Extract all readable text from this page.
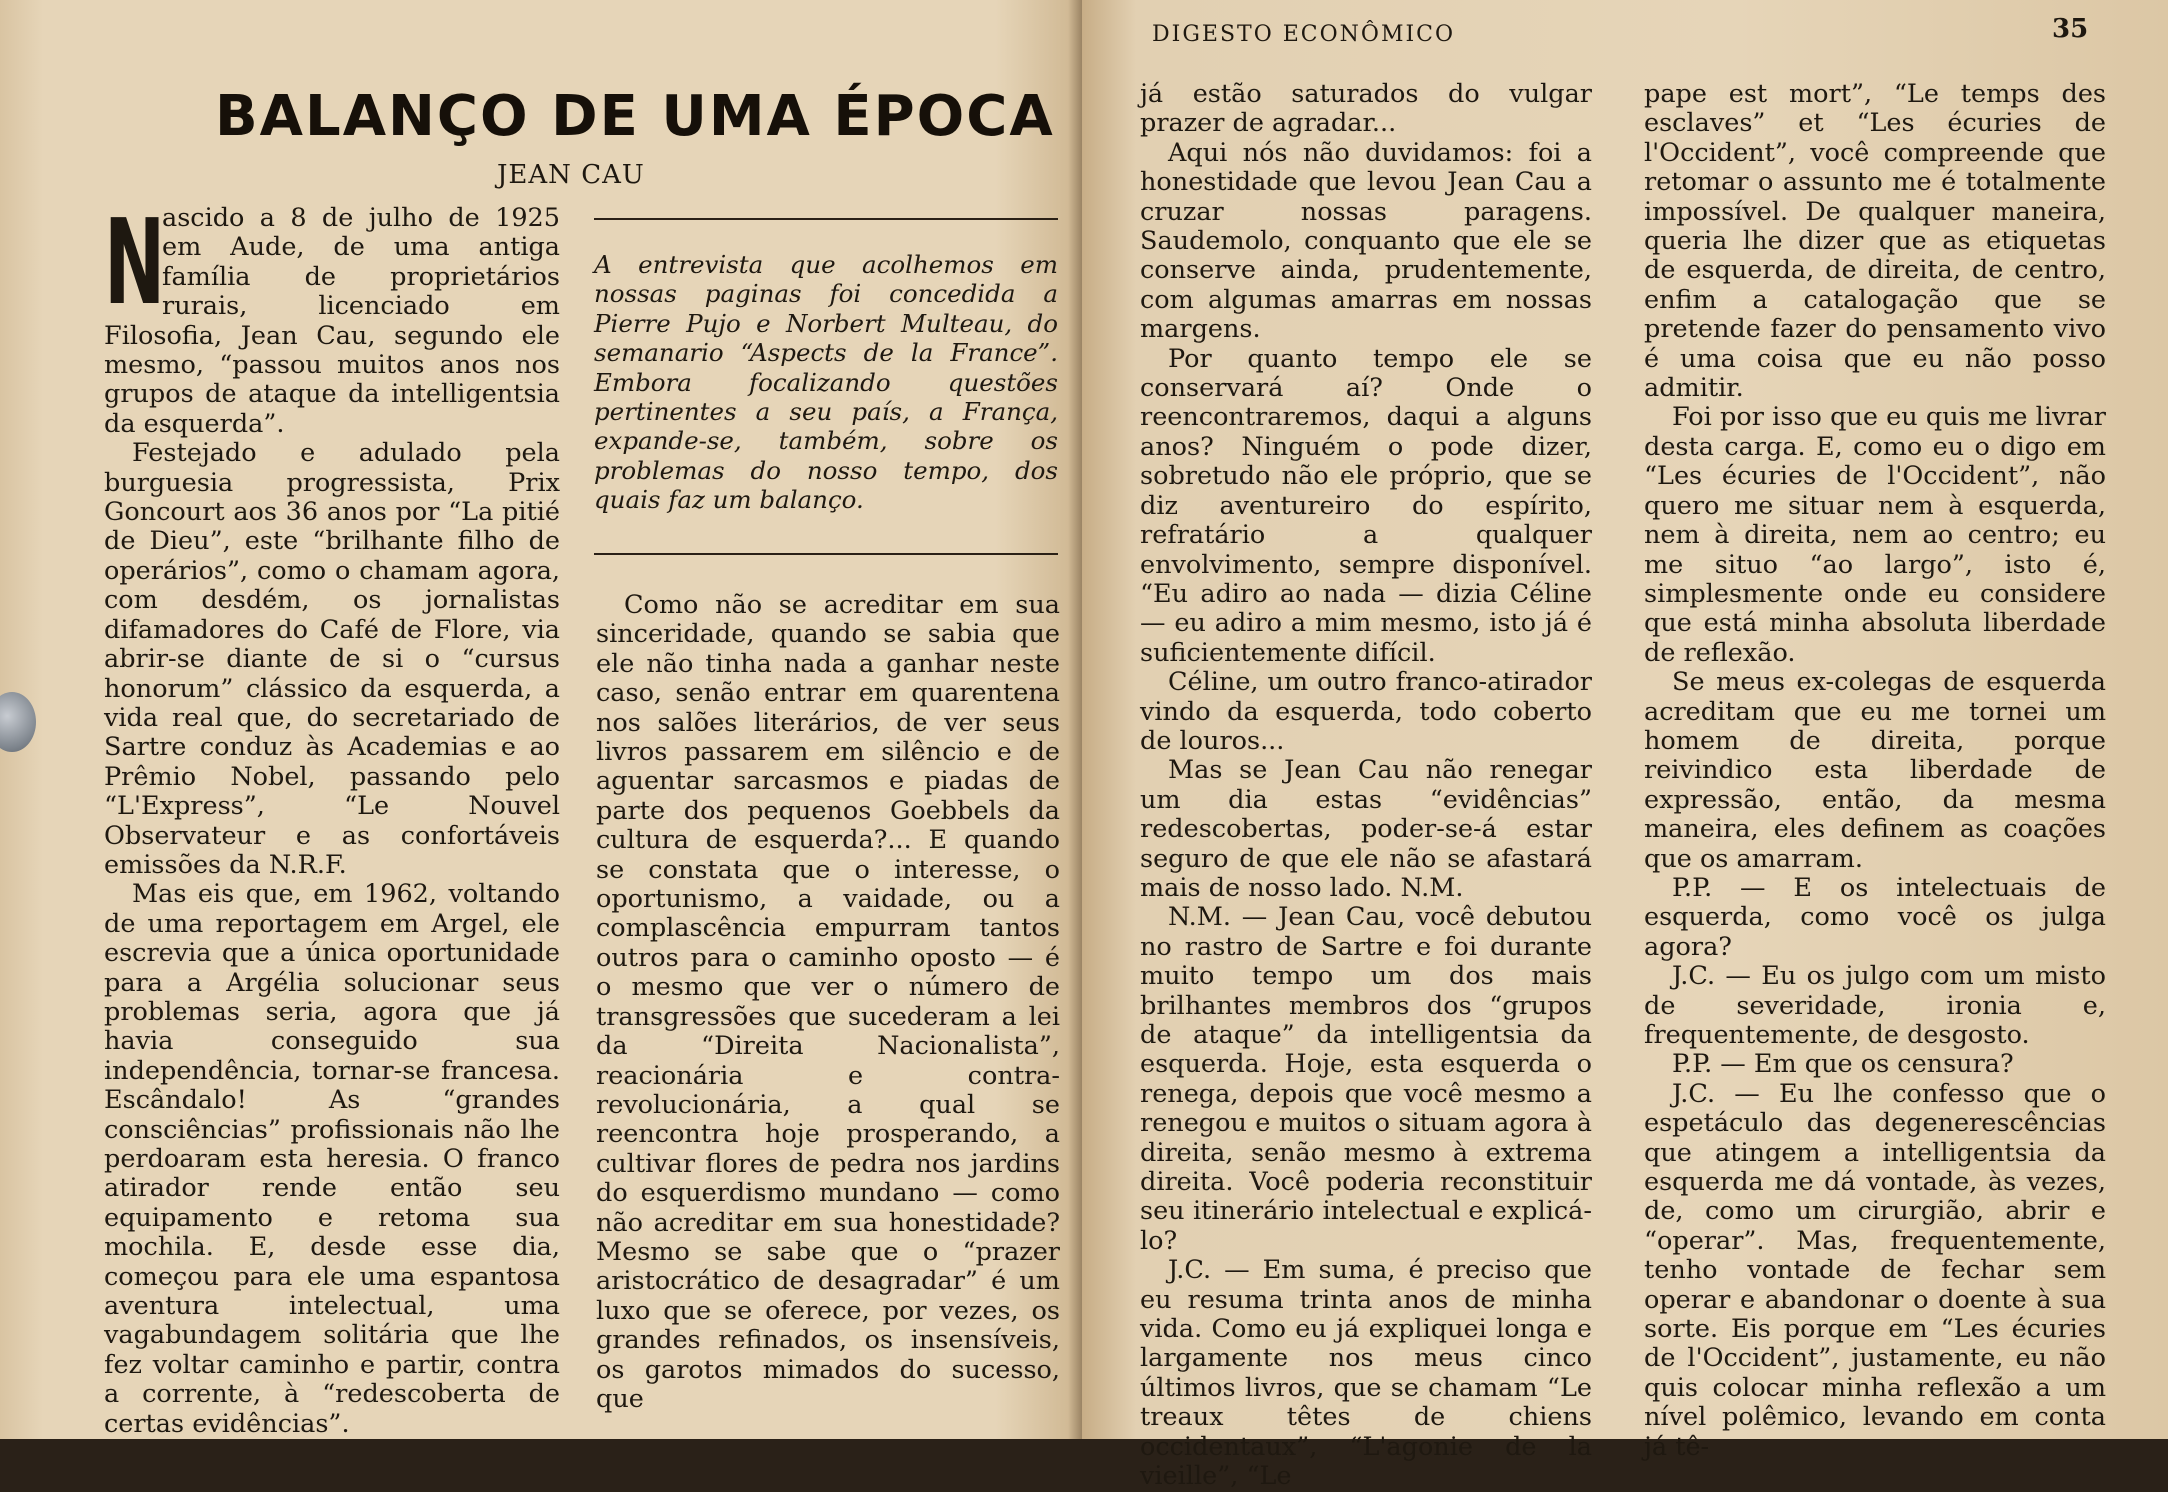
BALANÇO DE UMA ÉPOCA

JEAN CAU

N
ascido a 8 de julho de 1925 em Aude, de uma antiga família de proprietários rurais, licenciado em Filosofia, Jean Cau, segundo ele mesmo, “passou muitos anos nos grupos de ataque da intelligentsia da esquerda”.

Festejado e adulado pela burguesia progressista, Prix Goncourt aos 36 anos por “La pitié de Dieu”, este “brilhante filho de operários”, como o chamam agora, com desdém, os jornalistas difamadores do Café de Flore, via abrir-se diante de si o “cursus honorum” clássico da esquerda, a vida real que, do secretariado de Sartre conduz às Academias e ao Prêmio Nobel, passando pelo “L'Express”, “Le Nouvel Observateur e as confortáveis emissões da N.R.F.

Mas eis que, em 1962, voltando de uma reportagem em Argel, ele escrevia que a única oportunidade para a Argélia solucionar seus problemas seria, agora que já havia conseguido sua independência, tornar-se francesa. Escândalo! As “grandes consciências” profissionais não lhe perdoaram esta heresia. O franco atirador rende então seu equipamento e retoma sua mochila. E, desde esse dia, começou para ele uma espantosa aventura intelectual, uma vagabundagem solitária que lhe fez voltar caminho e partir, contra a corrente, à “redescoberta de certas evidências”.

A entrevista que acolhemos em nossas paginas foi concedida a Pierre Pujo e Norbert Multeau, do semanario “Aspects de la France”. Embora focalizando questões pertinentes a seu país, a França, expande-se, também, sobre os problemas do nosso tempo, dos quais faz um balanço.

Como não se acreditar em sua sinceridade, quando se sabia que ele não tinha nada a ganhar neste caso, senão entrar em quarentena nos salões literários, de ver seus livros passarem em silêncio e de aguentar sarcasmos e piadas de parte dos pequenos Goebbels da cultura de esquerda?... E quando se constata que o interesse, o oportunismo, a vaidade, ou a complascência empurram tantos outros para o caminho oposto — é o mesmo que ver o número de transgressões que sucederam a lei da “Direita Nacionalista”, reacionária e contra-revolucionária, a qual se reencontra hoje prosperando, a cultivar flores de pedra nos jardins do esquerdismo mundano — como não acreditar em sua honestidade? Mesmo se sabe que o “prazer aristocrático de desagradar” é um luxo que se oferece, por vezes, os grandes refinados, os insensíveis, os garotos mimados do sucesso, que

DIGESTO ECONÔMICO	35

já estão saturados do vulgar prazer de agradar...

Aqui nós não duvidamos: foi a honestidade que levou Jean Cau a cruzar nossas paragens. Saudemolo, conquanto que ele se conserve ainda, prudentemente, com algumas amarras em nossas margens.

Por quanto tempo ele se conservará aí? Onde o reencontraremos, daqui a alguns anos? Ninguém o pode dizer, sobretudo não ele próprio, que se diz aventureiro do espírito, refratário a qualquer envolvimento, sempre disponível. “Eu adiro ao nada — dizia Céline — eu adiro a mim mesmo, isto já é suficientemente difícil.

Céline, um outro franco-atirador vindo da esquerda, todo coberto de louros...

Mas se Jean Cau não renegar um dia estas “evidências” redescobertas, poder-se-á estar seguro de que ele não se afastará mais de nosso lado. N.M.

N.M. — Jean Cau, você debutou no rastro de Sartre e foi durante muito tempo um dos mais brilhantes membros dos “grupos de ataque” da intelligentsia da esquerda. Hoje, esta esquerda o renega, depois que você mesmo a renegou e muitos o situam agora à direita, senão mesmo à extrema direita. Você poderia reconstituir seu itinerário intelectual e explicá-lo?

J.C. — Em suma, é preciso que eu resuma trinta anos de minha vida. Como eu já expliquei longa e largamente nos meus cinco últimos livros, que se chamam “Le treaux têtes de chiens occidentaux”, “L'agonie de la vieille”, “Le

pape est mort”, “Le temps des esclaves” et “Les écuries de l'Occident”, você compreende que retomar o assunto me é totalmente impossível. De qualquer maneira, queria lhe dizer que as etiquetas de esquerda, de direita, de centro, enfim a catalogação que se pretende fazer do pensamento vivo é uma coisa que eu não posso admitir.

Foi por isso que eu quis me livrar desta carga. E, como eu o digo em “Les écuries de l'Occident”, não quero me situar nem à esquerda, nem à direita, nem ao centro; eu me situo “ao largo”, isto é, simplesmente onde eu considere que está minha absoluta liberdade de reflexão.

Se meus ex-colegas de esquerda acreditam que eu me tornei um homem de direita, porque reivindico esta liberdade de expressão, então, da mesma maneira, eles definem as coações que os amarram.

P.P. — E os intelectuais de esquerda, como você os julga agora?

J.C. — Eu os julgo com um misto de severidade, ironia e, frequentemente, de desgosto.

P.P. — Em que os censura?

J.C. — Eu lhe confesso que o espetáculo das degenerescências que atingem a intelligentsia da esquerda me dá vontade, às vezes, de, como um cirurgião, abrir e “operar”. Mas, frequentemente, tenho vontade de fechar sem operar e abandonar o doente à sua sorte. Eis porque em “Les écuries de l'Occident”, justamente, eu não quis colocar minha reflexão a um nível polêmico, levando em conta já tê-
